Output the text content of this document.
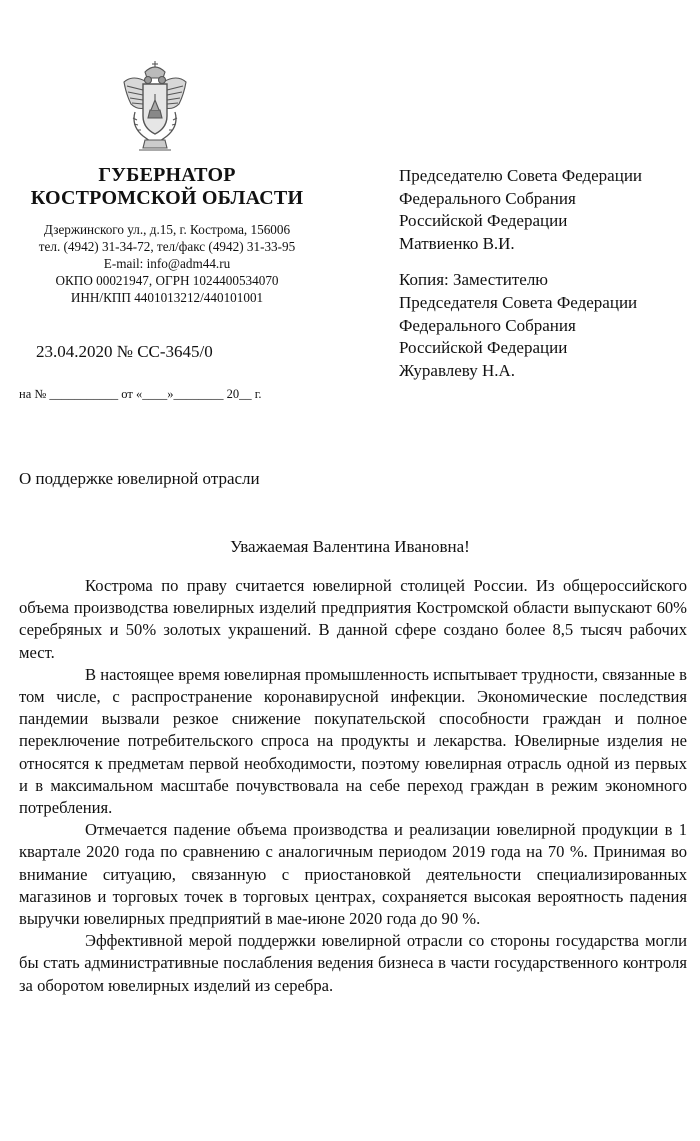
ГУБЕРНАТОР
КОСТРОМСКОЙ ОБЛАСТИ
Дзержинского ул., д.15, г. Кострома, 156006
тел. (4942) 31-34-72, тел/факс (4942) 31-33-95
E-mail: info@adm44.ru
ОКПО 00021947, ОГРН 1024400534070
ИНН/КПП 4401013212/440101001
23.04.2020 № СС-3645/0
на № ___________ от «____»________ 20__ г.
Председателю Совета Федерации
Федерального Собрания
Российской Федерации
Матвиенко В.И.
Копия: Заместителю
Председателя Совета Федерации
Федерального Собрания
Российской Федерации
Журавлеву Н.А.
О поддержке ювелирной отрасли
Уважаемая Валентина Ивановна!

Кострома по праву считается ювелирной столицей России. Из общероссийского объема производства ювелирных изделий предприятия Костромской области выпускают 60% серебряных и 50% золотых украшений. В данной сфере создано более 8,5 тысяч рабочих мест.

В настоящее время ювелирная промышленность испытывает трудности, связанные в том числе, с распространение коронавирусной инфекции. Экономические последствия пандемии вызвали резкое снижение покупательской способности граждан и полное переключение потребительского спроса на продукты и лекарства. Ювелирные изделия не относятся к предметам первой необходимости, поэтому ювелирная отрасль одной из первых и в максимальном масштабе почувствовала на себе переход граждан в режим экономного потребления.

Отмечается падение объема производства и реализации ювелирной продукции в 1 квартале 2020 года по сравнению с аналогичным периодом 2019 года на 70 %. Принимая во внимание ситуацию, связанную с приостановкой деятельности специализированных магазинов и торговых точек в торговых центрах, сохраняется высокая вероятность падения выручки ювелирных предприятий в мае-июне 2020 года до 90 %.

Эффективной мерой поддержки ювелирной отрасли со стороны государства могли бы стать административные послабления ведения бизнеса в части государственного контроля за оборотом ювелирных изделий из серебра.
